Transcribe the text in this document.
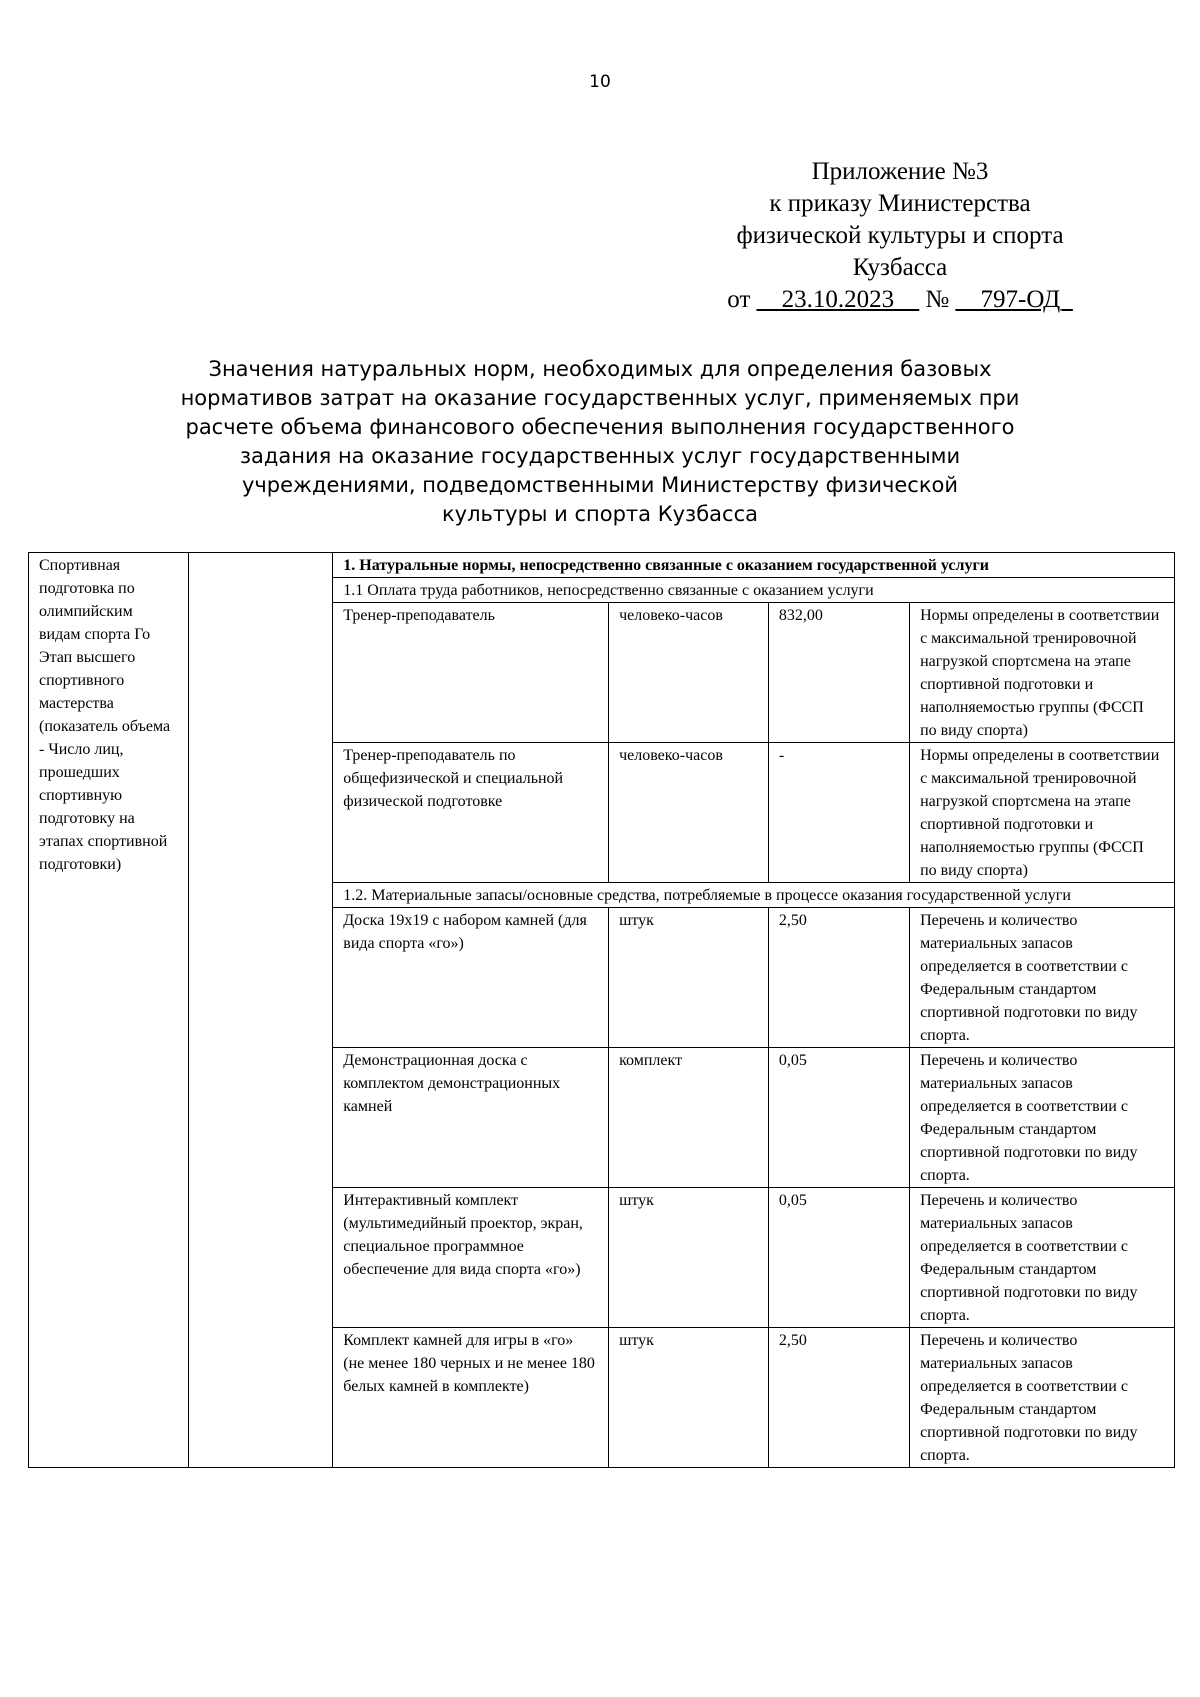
10
Приложение №3
к приказу Министерства
физической культуры и спорта
Кузбасса
от __23.10.2023__ № __797-ОД_
Значения натуральных норм, необходимых для определения базовых
нормативов затрат на оказание государственных услуг, применяемых при
расчете объема финансового обеспечения выполнения государственного
задания на оказание государственных услуг государственными
учреждениями, подведомственными Министерству физической
культуры и спорта Кузбасса
Спортивная подготовка по олимпийским видам спорта Го Этап высшего спортивного мастерства (показатель объема - Число лиц, прошедших спортивную подготовку на этапах спортивной подготовки)		1. Натуральные нормы, непосредственно связанные с оказанием государственной услуги			
		1.1 Оплата труда работников, непосредственно связанные с оказанием услуги			
		Тренер-преподаватель	человеко-часов	832,00	Нормы определены в соответствии с максимальной тренировочной нагрузкой спортсмена на этапе спортивной подготовки и наполняемостью группы (ФССП по виду спорта)
		Тренер-преподаватель по общефизической и специальной физической подготовке	человеко-часов	-	Нормы определены в соответствии с максимальной тренировочной нагрузкой спортсмена на этапе спортивной подготовки и наполняемостью группы (ФССП по виду спорта)
		1.2. Материальные запасы/основные средства, потребляемые в процессе оказания государственной услуги			
		Доска 19х19 с набором камней (для вида спорта «го»)	штук	2,50	Перечень и количество материальных запасов определяется в соответствии с Федеральным стандартом спортивной подготовки по виду спорта.
		Демонстрационная доска с комплектом демонстрационных камней	комплект	0,05	Перечень и количество материальных запасов определяется в соответствии с Федеральным стандартом спортивной подготовки по виду спорта.
		Интерактивный комплект (мультимедийный проектор, экран, специальное программное обеспечение для вида спорта «го»)	штук	0,05	Перечень и количество материальных запасов определяется в соответствии с Федеральным стандартом спортивной подготовки по виду спорта.
		Комплект камней для игры в «го» (не менее 180 черных и не менее 180 белых камней в комплекте)	штук	2,50	Перечень и количество материальных запасов определяется в соответствии с Федеральным стандартом спортивной подготовки по виду спорта.
